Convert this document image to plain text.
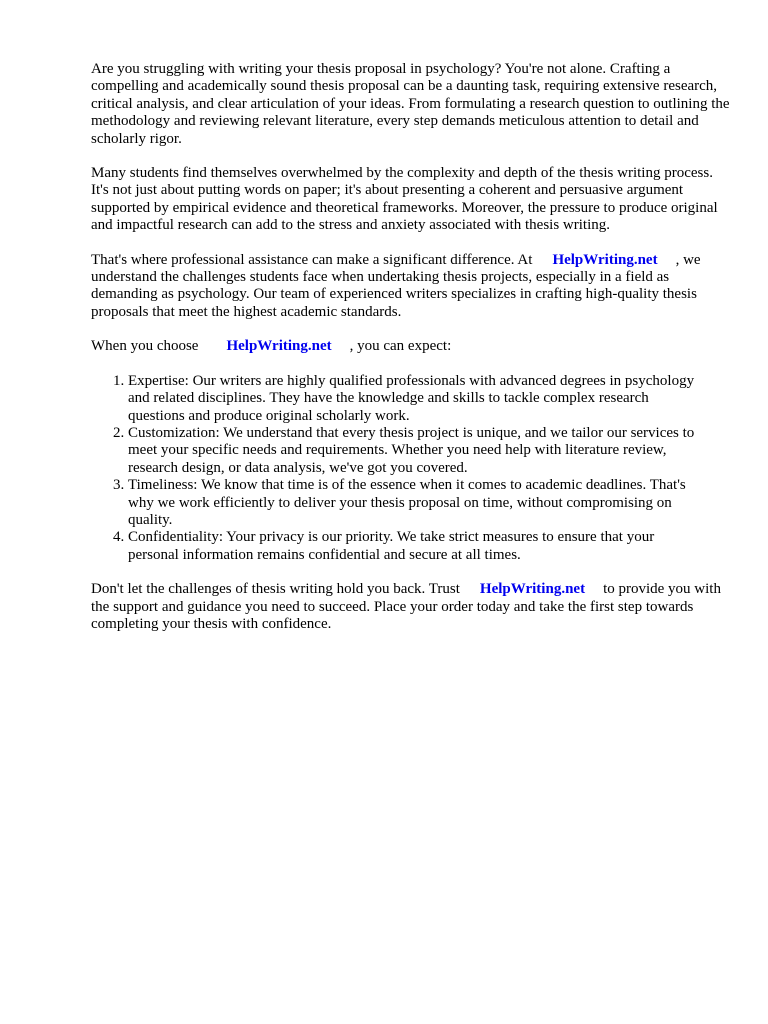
Are you struggling with writing your thesis proposal in psychology? You're not alone. Crafting a compelling and academically sound thesis proposal can be a daunting task, requiring extensive research, critical analysis, and clear articulation of your ideas. From formulating a research question to outlining the methodology and reviewing relevant literature, every step demands meticulous attention to detail and scholarly rigor.

Many students find themselves overwhelmed by the complexity and depth of the thesis writing process. It's not just about putting words on paper; it's about presenting a coherent and persuasive argument supported by empirical evidence and theoretical frameworks. Moreover, the pressure to produce original and impactful research can add to the stress and anxiety associated with thesis writing.

That's where professional assistance can make a significant difference. At HelpWriting.net , we understand the challenges students face when undertaking thesis projects, especially in a field as demanding as psychology. Our team of experienced writers specializes in crafting high-quality thesis proposals that meet the highest academic standards.

When you choose HelpWriting.net , you can expect:

1. Expertise: Our writers are highly qualified professionals with advanced degrees in psychology and related disciplines. They have the knowledge and skills to tackle complex research questions and produce original scholarly work.
2. Customization: We understand that every thesis project is unique, and we tailor our services to meet your specific needs and requirements. Whether you need help with literature review, research design, or data analysis, we've got you covered.
3. Timeliness: We know that time is of the essence when it comes to academic deadlines. That's why we work efficiently to deliver your thesis proposal on time, without compromising on quality.
4. Confidentiality: Your privacy is our priority. We take strict measures to ensure that your personal information remains confidential and secure at all times.

Don't let the challenges of thesis writing hold you back. Trust HelpWriting.net to provide you with the support and guidance you need to succeed. Place your order today and take the first step towards completing your thesis with confidence.
